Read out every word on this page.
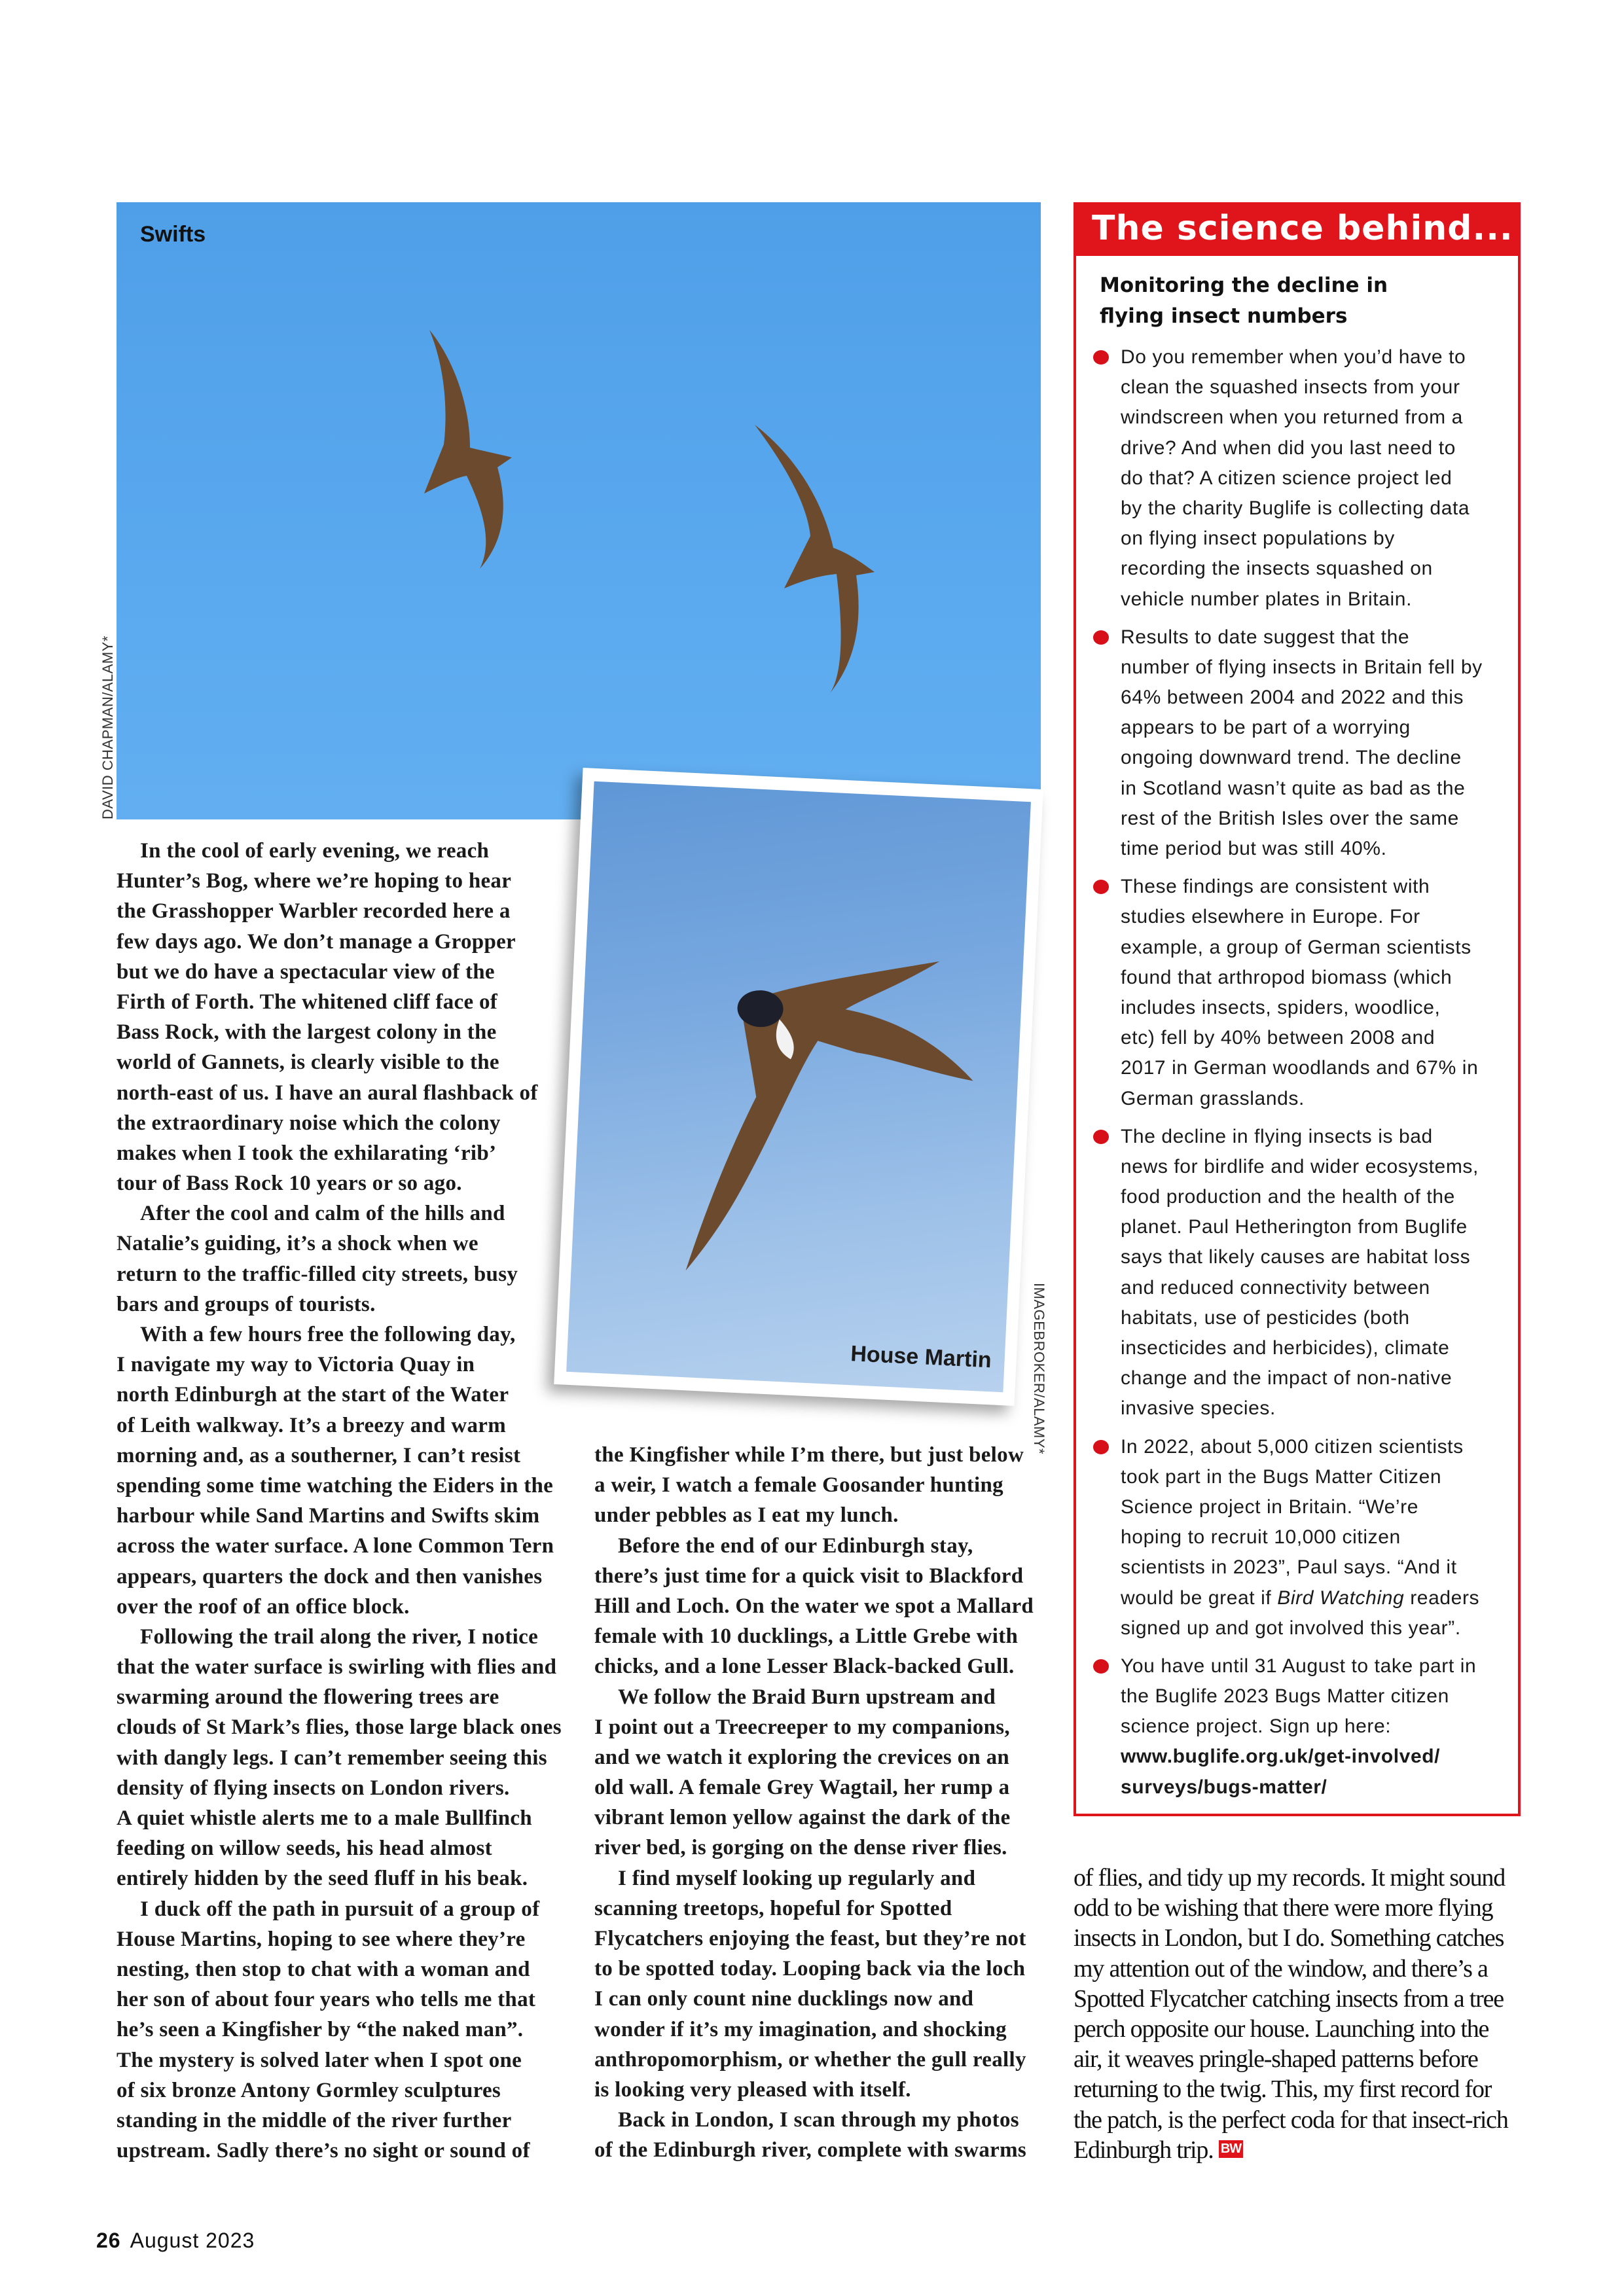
Swifts
DAVID CHAPMAN/ALAMY*
House Martin	IMAGEBROKER/ALAMY*
In the cool of early evening, we reach
Hunter’s Bog, where we’re hoping to hear
the Grasshopper Warbler recorded here a
few days ago. We don’t manage a Gropper
but we do have a spectacular view of the
Firth of Forth. The whitened cliff face of
Bass Rock, with the largest colony in the
world of Gannets, is clearly visible to the
north-east of us. I have an aural flashback of
the extraordinary noise which the colony
makes when I took the exhilarating ‘rib’
tour of Bass Rock 10 years or so ago.
After the cool and calm of the hills and
Natalie’s guiding, it’s a shock when we
return to the traffic-filled city streets, busy
bars and groups of tourists.
With a few hours free the following day,
I navigate my way to Victoria Quay in
north Edinburgh at the start of the Water
of Leith walkway. It’s a breezy and warm
morning and, as a southerner, I can’t resist
spending some time watching the Eiders in the
harbour while Sand Martins and Swifts skim
across the water surface. A lone Common Tern
appears, quarters the dock and then vanishes
over the roof of an office block.
Following the trail along the river, I notice
that the water surface is swirling with flies and
swarming around the flowering trees are
clouds of St Mark’s flies, those large black ones
with dangly legs. I can’t remember seeing this
density of flying insects on London rivers.
A quiet whistle alerts me to a male Bullfinch
feeding on willow seeds, his head almost
entirely hidden by the seed fluff in his beak.
I duck off the path in pursuit of a group of
House Martins, hoping to see where they’re
nesting, then stop to chat with a woman and
her son of about four years who tells me that
he’s seen a Kingfisher by “the naked man”.
The mystery is solved later when I spot one
of six bronze Antony Gormley sculptures
standing in the middle of the river further
upstream. Sadly there’s no sight or sound of
the Kingfisher while I’m there, but just below
a weir, I watch a female Goosander hunting
under pebbles as I eat my lunch.
Before the end of our Edinburgh stay,
there’s just time for a quick visit to Blackford
Hill and Loch. On the water we spot a Mallard
female with 10 ducklings, a Little Grebe with
chicks, and a lone Lesser Black-backed Gull.
We follow the Braid Burn upstream and
I point out a Treecreeper to my companions,
and we watch it exploring the crevices on an
old wall. A female Grey Wagtail, her rump a
vibrant lemon yellow against the dark of the
river bed, is gorging on the dense river flies.
I find myself looking up regularly and
scanning treetops, hopeful for Spotted
Flycatchers enjoying the feast, but they’re not
to be spotted today. Looping back via the loch
I can only count nine ducklings now and
wonder if it’s my imagination, and shocking
anthropomorphism, or whether the gull really
is looking very pleased with itself.
Back in London, I scan through my photos
of the Edinburgh river, complete with swarms
of flies, and tidy up my records. It might sound
odd to be wishing that there were more flying
insects in London, but I do. Something catches
my attention out of the window, and there’s a
Spotted Flycatcher catching insects from a tree
perch opposite our house. Launching into the
air, it weaves pringle-shaped patterns before
returning to the twig. This, my first record for
the patch, is the perfect coda for that insect-rich
Edinburgh trip. BW
The science behind...
Monitoring the decline in
flying insect numbers
Do you remember when you’d have to
clean the squashed insects from your
windscreen when you returned from a
drive? And when did you last need to
do that? A citizen science project led
by the charity Buglife is collecting data
on flying insect populations by
recording the insects squashed on
vehicle number plates in Britain.
Results to date suggest that the
number of flying insects in Britain fell by
64% between 2004 and 2022 and this
appears to be part of a worrying
ongoing downward trend. The decline
in Scotland wasn’t quite as bad as the
rest of the British Isles over the same
time period but was still 40%.
These findings are consistent with
studies elsewhere in Europe. For
example, a group of German scientists
found that arthropod biomass (which
includes insects, spiders, woodlice,
etc) fell by 40% between 2008 and
2017 in German woodlands and 67% in
German grasslands.
The decline in flying insects is bad
news for birdlife and wider ecosystems,
food production and the health of the
planet. Paul Hetherington from Buglife
says that likely causes are habitat loss
and reduced connectivity between
habitats, use of pesticides (both
insecticides and herbicides), climate
change and the impact of non-native
invasive species.
In 2022, about 5,000 citizen scientists
took part in the Bugs Matter Citizen
Science project in Britain. “We’re
hoping to recruit 10,000 citizen
scientists in 2023”, Paul says. “And it
would be great if Bird Watching readers
signed up and got involved this year”.
You have until 31 August to take part in
the Buglife 2023 Bugs Matter citizen
science project. Sign up here:
www.buglife.org.uk/get-involved/
surveys/bugs-matter/
26 August 2023
